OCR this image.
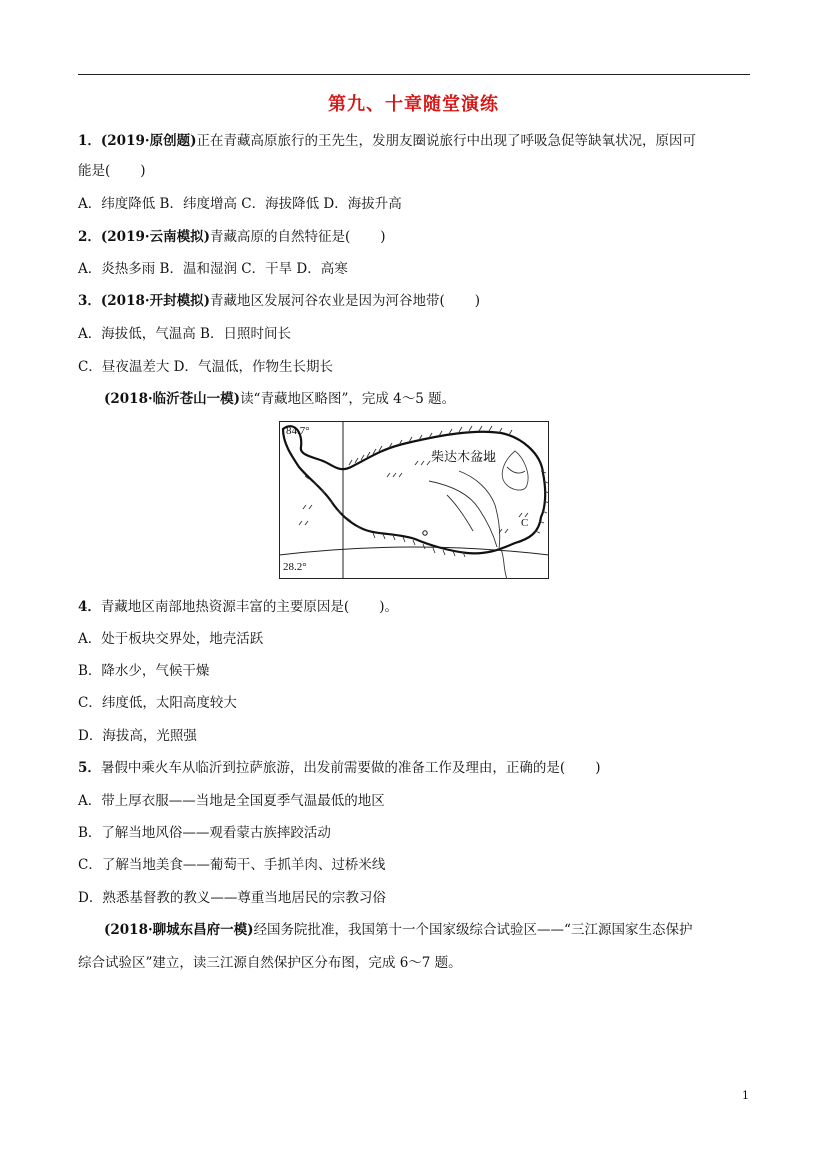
第九、十章随堂演练
1．(2019·原创题)正在青藏高原旅行的王先生，发朋友圈说旅行中出现了呼吸急促等缺氧状况，原因可
能是( )
A．纬度降低 B．纬度增高 C．海拔降低 D．海拔升高
2．(2019·云南模拟)青藏高原的自然特征是( )
A．炎热多雨 B．温和湿润 C．干旱 D．高寒
3．(2018·开封模拟)青藏地区发展河谷农业是因为河谷地带( )
A．海拔低，气温高 B．日照时间长
C．昼夜温差大 D．气温低，作物生长期长
(2018·临沂苍山一模)读“青藏地区略图”，完成 4～5 题。
84.7°
28.2°
柴达木盆地
C
4．青藏地区南部地热资源丰富的主要原因是( )。
A．处于板块交界处，地壳活跃
B．降水少，气候干燥
C．纬度低，太阳高度较大
D．海拔高，光照强
5．暑假中乘火车从临沂到拉萨旅游，出发前需要做的准备工作及理由，正确的是( )
A．带上厚衣服——当地是全国夏季气温最低的地区
B．了解当地风俗——观看蒙古族摔跤活动
C．了解当地美食——葡萄干、手抓羊肉、过桥米线
D．熟悉基督教的教义——尊重当地居民的宗教习俗
(2018·聊城东昌府一模)经国务院批准，我国第十一个国家级综合试验区——“三江源国家生态保护
综合试验区”建立，读三江源自然保护区分布图，完成 6～7 题。
1
